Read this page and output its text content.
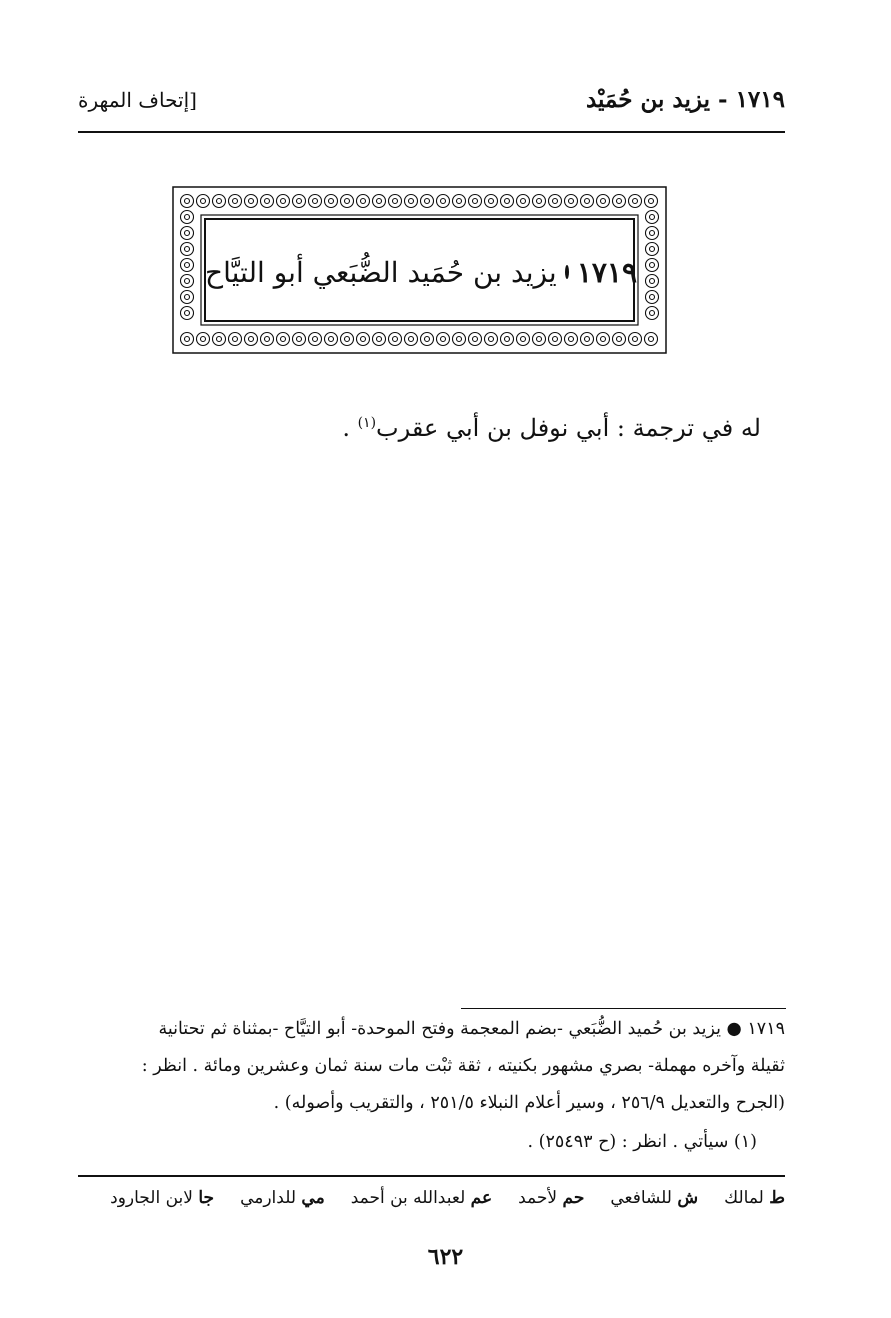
١٧١٩ - يزيد بن حُمَيْد
[إتحاف المهرة
١٧١٩
يزيد بن حُمَيد الضُّبَعي أبو التيَّاح
له في ترجمة : أبي نوفل بن أبي عقرب$^{(١)}$ .
١٧١٩ ● يزيد بن حُميد الضُّبَعي -بضم المعجمة وفتح الموحدة- أبو التيَّاح -بمثناة ثم تحتانية
ثقيلة وآخره مهملة- بصري مشهور بكنيته ، ثقة ثبْت مات سنة ثمان وعشرين ومائة . انظر :
(الجرح والتعديل ٢٥٦/٩ ، وسير أعلام النبلاء ٢٥١/٥ ، والتقريب وأصوله) .
(١) سيأتي . انظر : (ح ٢٥٤٩٣) .
ط لمالك
ش للشافعي
حم لأحمد
عم لعبدالله بن أحمد
مي للدارمي
جا لابن الجارود
٦٢٢
